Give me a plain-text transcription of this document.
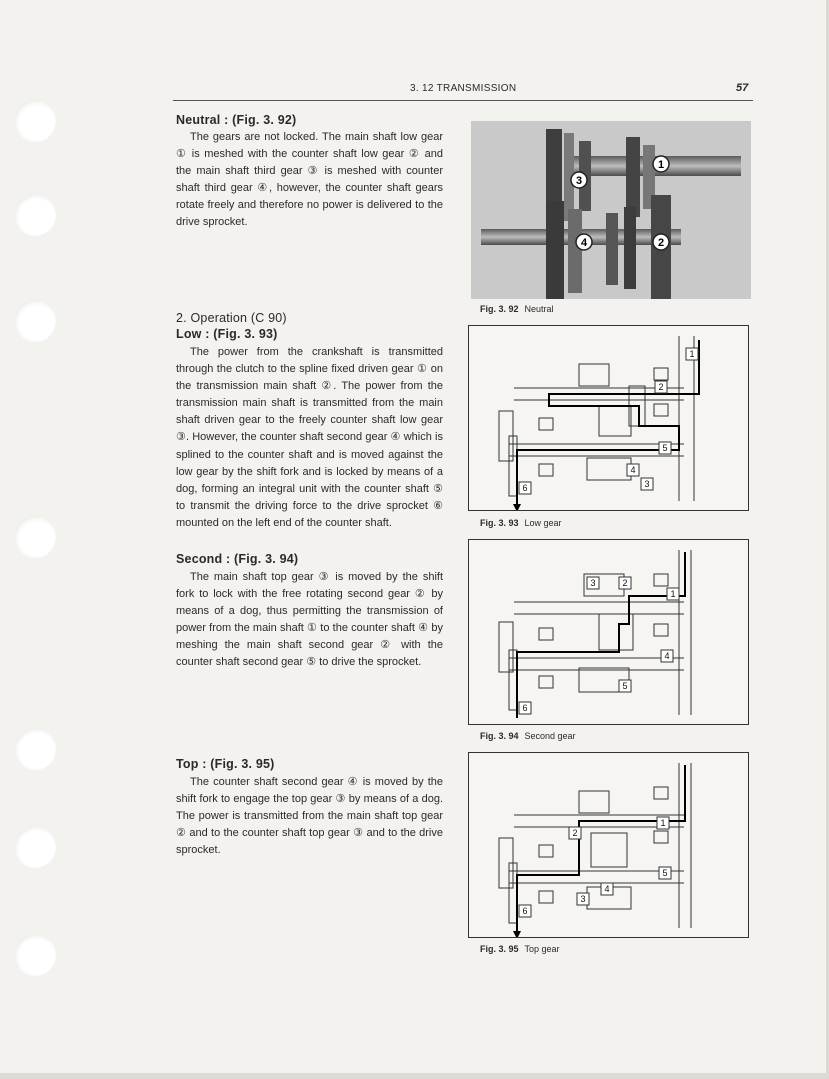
3. 12 TRANSMISSION	57
Neutral : (Fig. 3. 92)

The gears are not locked. The main shaft low gear ① is meshed with the counter shaft low gear ② and the main shaft third gear ③ is meshed with counter shaft third gear ④, however, the counter shaft gears rotate freely and therefore no power is delivered to the drive sprocket.

2. Operation (C 90)
Low : (Fig. 3. 93)

The power from the crankshaft is transmitted through the clutch to the spline fixed driven gear ① on the transmission main shaft ②. The power from the transmission main shaft is transmitted from the main shaft driven gear to the freely counter shaft low gear ③. However, the counter shaft second gear ④ which is splined to the counter shaft and is moved against the low gear by the shift fork and is locked by means of a dog, forming an integral unit with the counter shaft ⑤ to transmit the driving force to the drive sprocket ⑥ mounted on the left end of the counter shaft.

Second : (Fig. 3. 94)

The main shaft top gear ③ is moved by the shift fork to lock with the free rotating second gear ② by means of a dog, thus permitting the transmission of power from the main shaft ① to the counter shaft ④ by meshing the main shaft second gear ② with the counter shaft second gear ⑤ to drive the sprocket.

Top : (Fig. 3. 95)

The counter shaft second gear ④ is moved by the shift fork to engage the top gear ③ by means of a dog. The power is transmitted from the main shaft top gear ② and to the counter shaft top gear ③ and to the drive sprocket.

3
1
4	2
Fig. 3. 92 Neutral
1
2
3
4
5
6
Fig. 3. 93 Low gear
1
2
3
4
5
6
Fig. 3. 94 Second gear
1
2
3
4
5
6
Fig. 3. 95 Top gear
